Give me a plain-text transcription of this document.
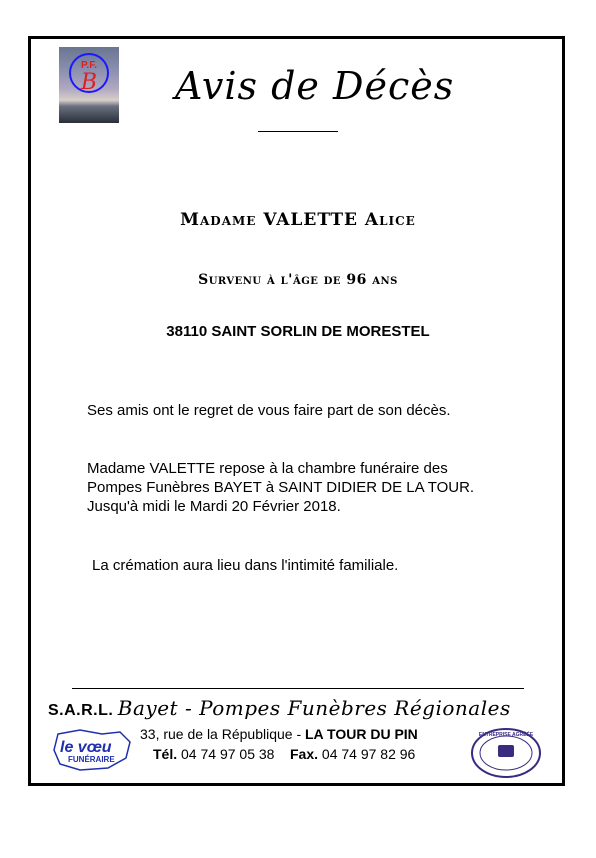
P.F.
B	Avis de Décès
Madame VALETTE Alice
Survenu à l'âge de 96 ans
38110 SAINT SORLIN DE MORESTEL
Ses amis ont le regret de vous faire part de son décès.
Madame VALETTE repose à la chambre funéraire des
Pompes Funèbres BAYET à SAINT DIDIER DE LA TOUR.
Jusqu'à midi le Mardi 20 Février 2018.
La crémation aura lieu dans l'intimité familiale.
S.A.R.L. Bayet - Pompes Funèbres Régionales
33, rue de la République - LA TOUR DU PIN
Tél. 04 74 97 05 38 Fax. 04 74 97 82 96
le vœu
FUNÉRAIRE
ENTREPRISE AGRÉÉE
